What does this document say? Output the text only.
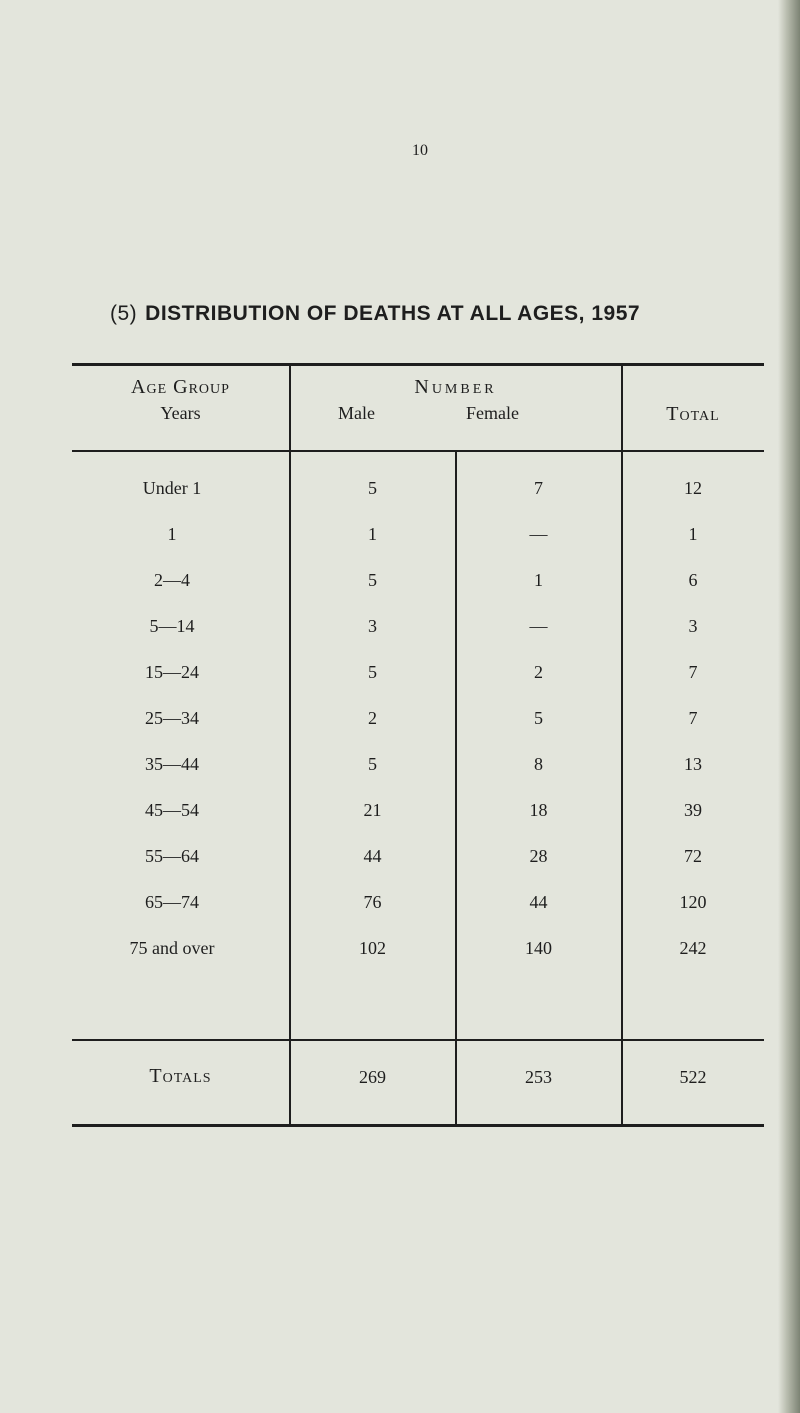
10
(5) DISTRIBUTION OF DEATHS AT ALL AGES, 1957
Age Group
Years
Number
Male	Female	Total
Under 1	5	7	12
1	1	—	1
2—4	5	1	6
5—14	3	—	3
15—24	5	2	7
25—34	2	5	7
35—44	5	8	13
45—54	21	18	39
55—64	44	28	72
65—74	76	44	120
75 and over	102	140	242
Totals	269	253	522
